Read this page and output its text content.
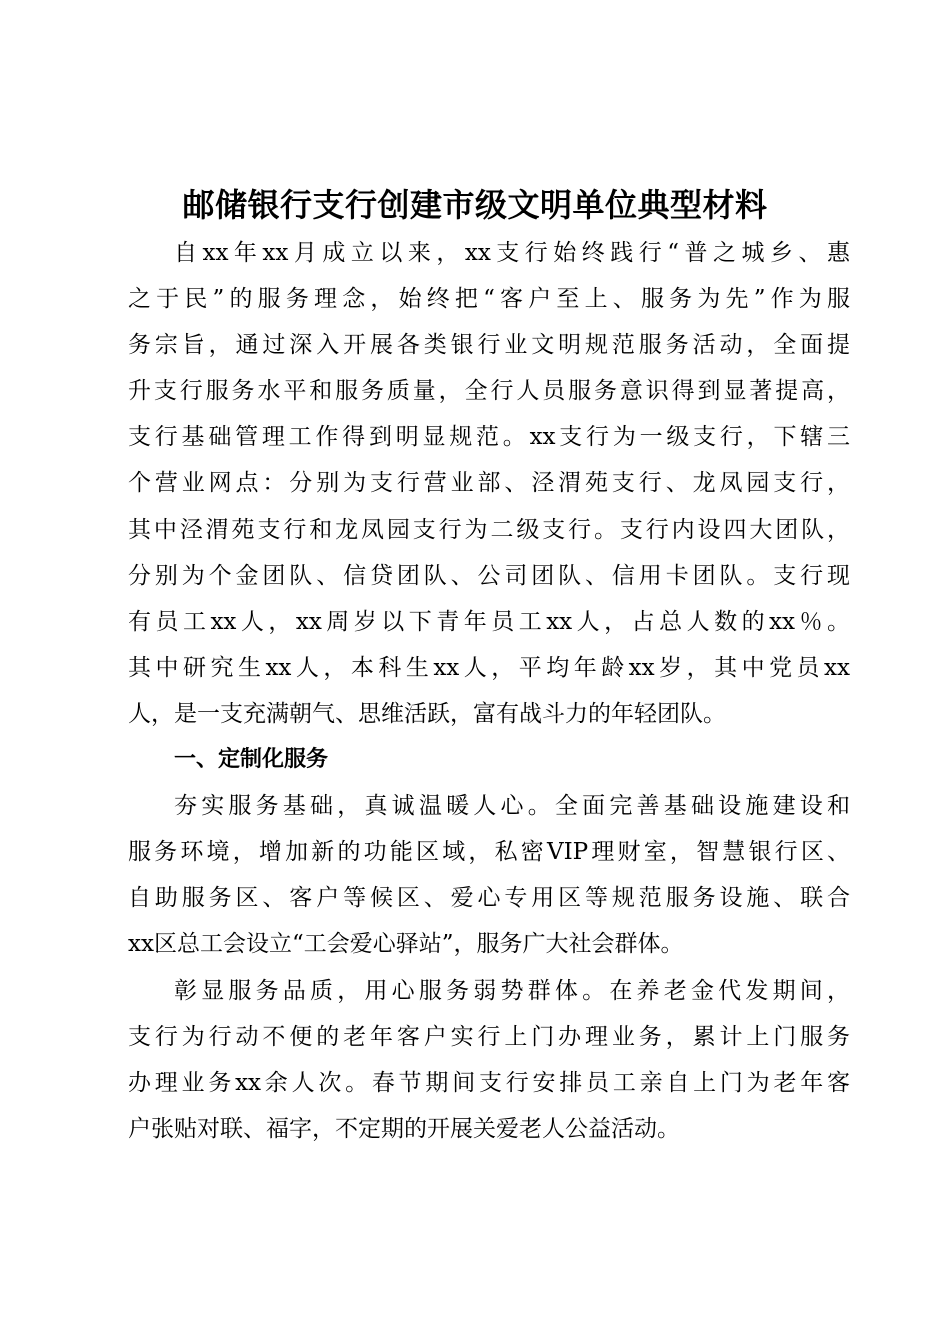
邮储银行支行创建市级文明单位典型材料
自xx年xx月成立以来，xx支行始终践行“普之城乡、惠
之于民”的服务理念，始终把“客户至上、服务为先”作为服
务宗旨，通过深入开展各类银行业文明规范服务活动，全面提
升支行服务水平和服务质量，全行人员服务意识得到显著提高，
支行基础管理工作得到明显规范。xx支行为一级支行，下辖三
个营业网点：分别为支行营业部、泾渭苑支行、龙凤园支行，
其中泾渭苑支行和龙凤园支行为二级支行。支行内设四大团队，
分别为个金团队、信贷团队、公司团队、信用卡团队。支行现
有员工xx人，xx周岁以下青年员工xx人，占总人数的xx％。
其中研究生xx人，本科生xx人，平均年龄xx岁，其中党员xx
人，是一支充满朝气、思维活跃，富有战斗力的年轻团队。
一、定制化服务
夯实服务基础，真诚温暖人心。全面完善基础设施建设和
服务环境，增加新的功能区域，私密VIP理财室，智慧银行区、
自助服务区、客户等候区、爱心专用区等规范服务设施、联合
xx区总工会设立“工会爱心驿站”，服务广大社会群体。
彰显服务品质，用心服务弱势群体。在养老金代发期间，
支行为行动不便的老年客户实行上门办理业务，累计上门服务
办理业务xx余人次。春节期间支行安排员工亲自上门为老年客
户张贴对联、福字，不定期的开展关爱老人公益活动。
